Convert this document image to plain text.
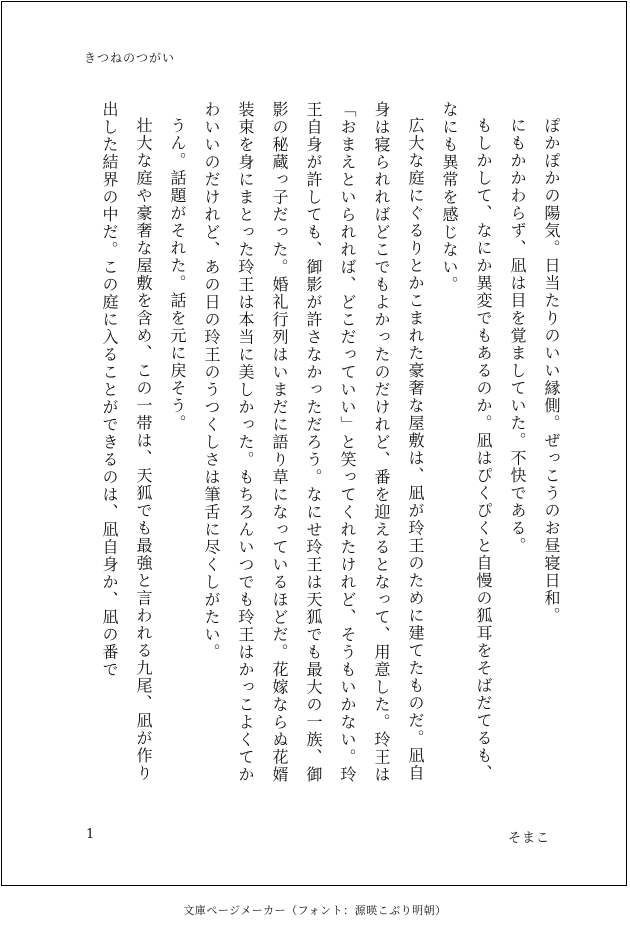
きつねのつがい

ぽかぽかの陽気。日当たりのいい縁側。ぜっこうのお昼寝日和。

にもかかわらず、凪は目を覚ましていた。不快である。

もしかして、なにか異変でもあるのか。凪はぴくぴくと自慢の狐耳をそばだてるも、なにも異常を感じない。

広大な庭にぐるりとかこまれた豪奢な屋敷は、凪が玲王のために建てたものだ。凪自身は寝られればどこでもよかったのだけれど、番を迎えるとなって、用意した。玲王は「おまえといられれば、どこだっていい」と笑ってくれたけれど、そうもいかない。玲王自身が許しても、御影が許さなかっただろう。なにせ玲王は天狐でも最大の一族、御影の秘蔵っ子だった。婚礼行列はいまだに語り草になっているほどだ。花嫁ならぬ花婿装束を身にまとった玲王は本当に美しかった。もちろんいつでも玲王はかっこよくてかわいいのだけれど、あの日の玲王のうつくしさは筆舌に尽くしがたい。

うん。話題がそれた。話を元に戻そう。

壮大な庭や豪奢な屋敷を含め、この一帯は、天狐でも最強と言われる九尾、凪が作り出した結界の中だ。この庭に入ることができるのは、凪自身か、凪の番で

1	そまこ
文庫ページメーカー（フォント：源暎こぶり明朝）
